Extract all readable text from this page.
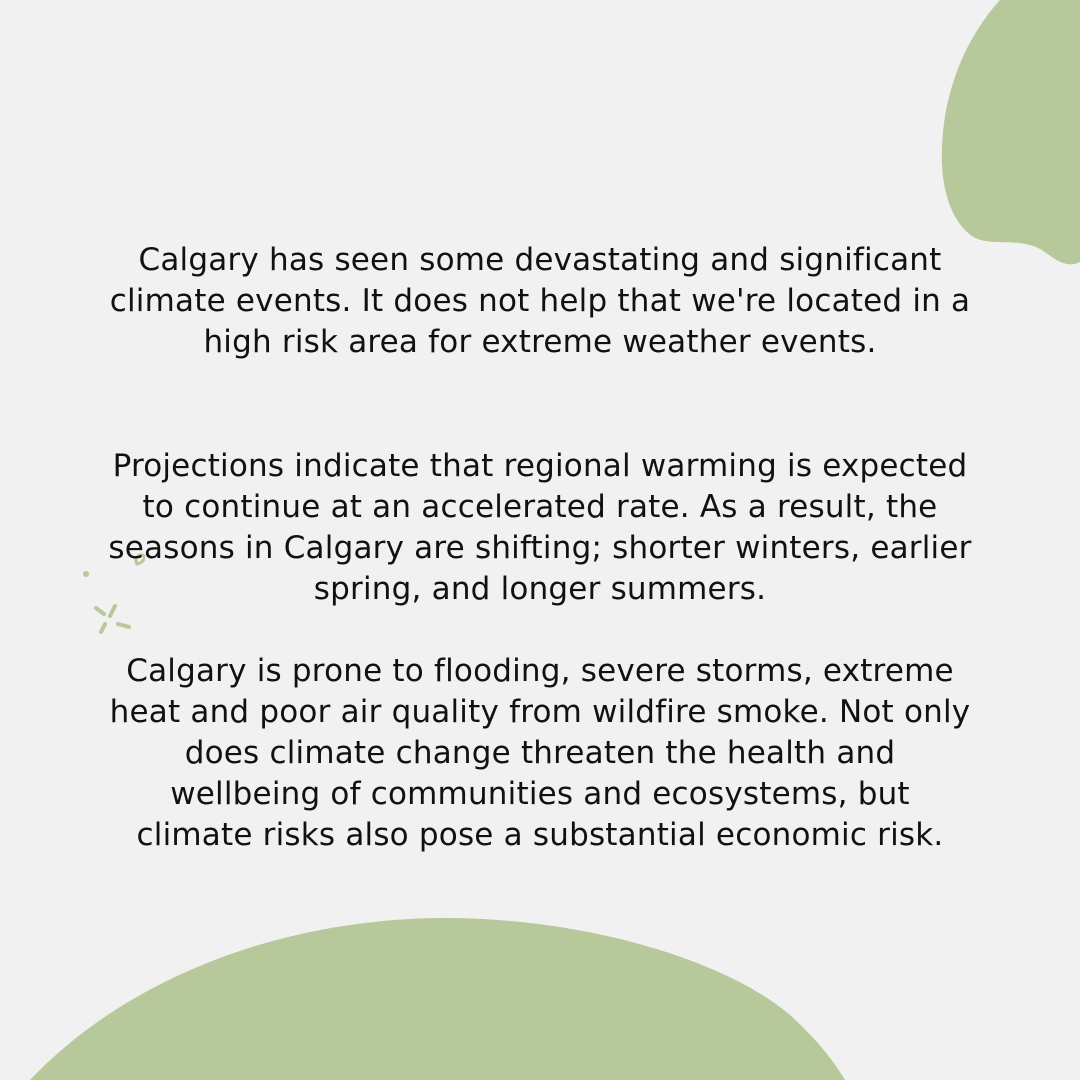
Calgary has seen some devastating and significant
climate events. It does not help that we're located in a
high risk area for extreme weather events.

Projections indicate that regional warming is expected
to continue at an accelerated rate. As a result, the
seasons in Calgary are shifting; shorter winters, earlier
spring, and longer summers.

Calgary is prone to flooding, severe storms, extreme
heat and poor air quality from wildfire smoke. Not only
does climate change threaten the health and
wellbeing of communities and ecosystems, but
climate risks also pose a substantial economic risk.
